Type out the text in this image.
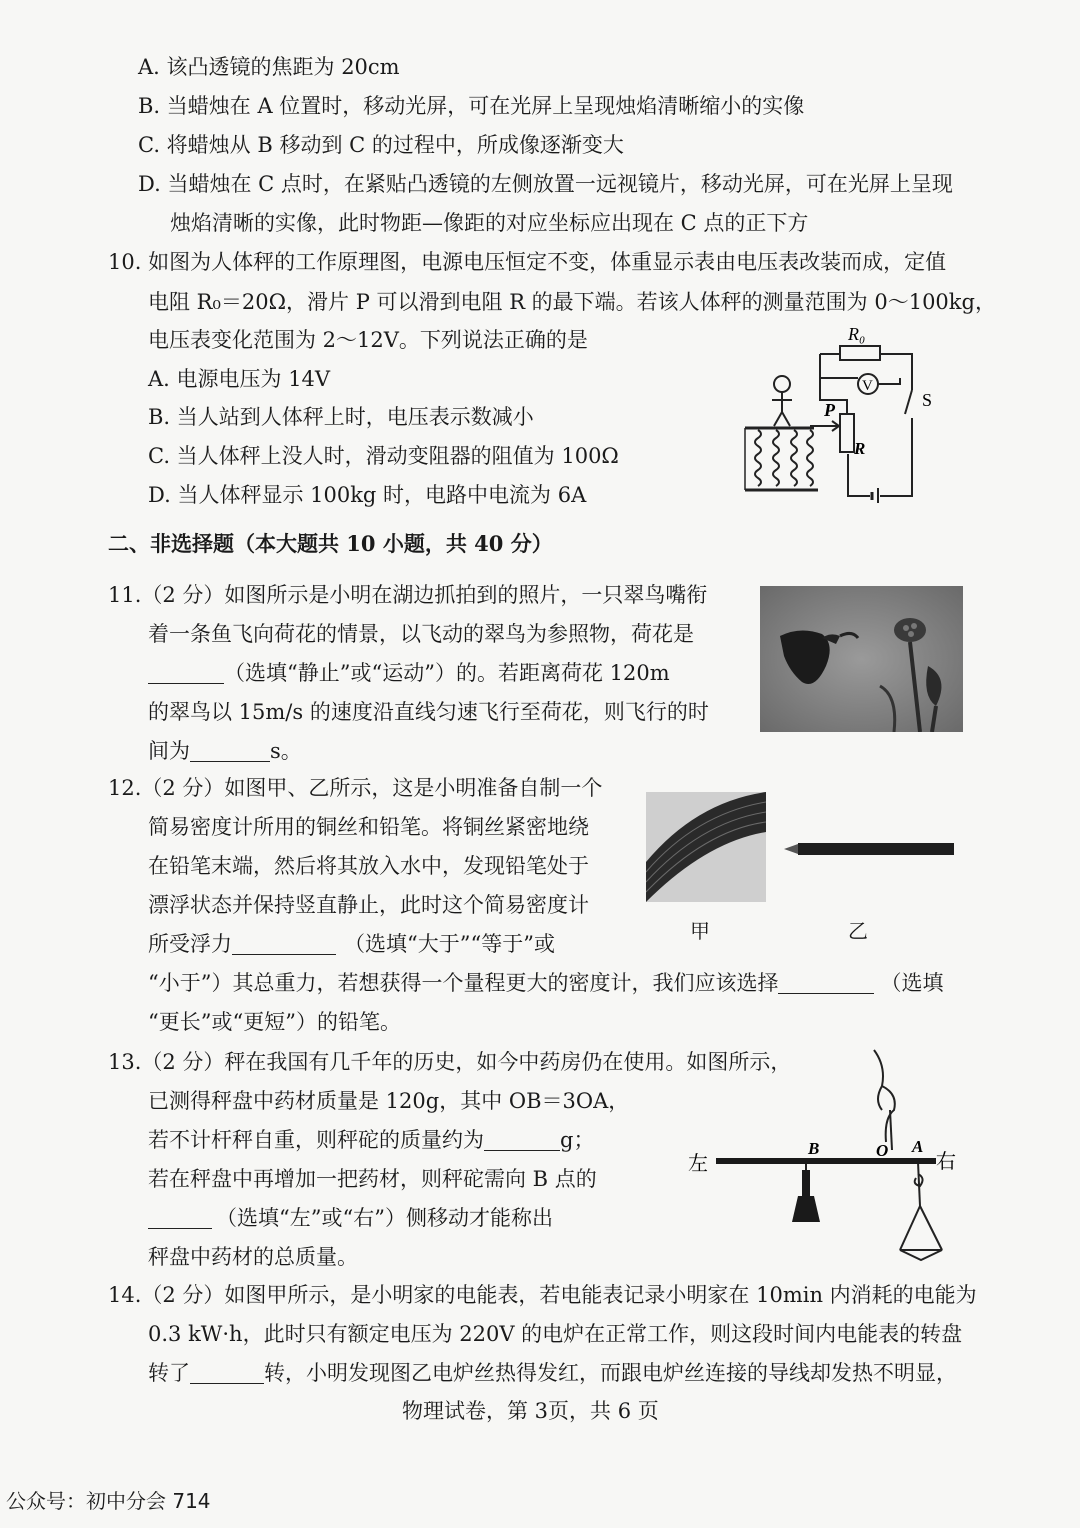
A. 该凸透镜的焦距为 20cm
B. 当蜡烛在 A 位置时，移动光屏，可在光屏上呈现烛焰清晰缩小的实像
C. 将蜡烛从 B 移动到 C 的过程中，所成像逐渐变大
D. 当蜡烛在 C 点时，在紧贴凸透镜的左侧放置一远视镜片，移动光屏，可在光屏上呈现
烛焰清晰的实像，此时物距—像距的对应坐标应出现在 C 点的正下方
10. 如图为人体秤的工作原理图，电源电压恒定不变，体重显示表由电压表改装而成，定值
电阻 R₀＝20Ω，滑片 P 可以滑到电阻 R 的最下端。若该人体秤的测量范围为 0～100kg，
电压表变化范围为 2～12V。下列说法正确的是
A. 电源电压为 14V
B. 当人站到人体秤上时，电压表示数减小
C. 当人体秤上没人时，滑动变阻器的阻值为 100Ω
D. 当人体秤显示 100kg 时，电路中电流为 6A
R₀
V
S
P
R
二、非选择题（本大题共 10 小题，共 40 分）
11.（2 分）如图所示是小明在湖边抓拍到的照片，一只翠鸟嘴衔
着一条鱼飞向荷花的情景，以飞动的翠鸟为参照物，荷花是
（选填“静止”或“运动”）的。若距离荷花 120m
的翠鸟以 15m/s 的速度沿直线匀速飞行至荷花，则飞行的时
间为	s。
12.（2 分）如图甲、乙所示，这是小明准备自制一个
简易密度计所用的铜丝和铅笔。将铜丝紧密地绕
在铅笔末端，然后将其放入水中，发现铅笔处于
漂浮状态并保持竖直静止，此时这个简易密度计
所受浮力	（选填“大于”“等于”或
“小于”）其总重力，若想获得一个量程更大的密度计，我们应该选择	（选填
“更长”或“更短”）的铅笔。
甲	乙
13.（2 分）秤在我国有几千年的历史，如今中药房仍在使用。如图所示，
已测得秤盘中药材质量是 120g，其中 OB＝3OA，
若不计杆秤自重，则秤砣的质量约为	g；
若在秤盘中再增加一把药材，则秤砣需向 B 点的
（选填“左”或“右”）侧移动才能称出
秤盘中药材的总质量。
左	右
B	O A
14.（2 分）如图甲所示，是小明家的电能表，若电能表记录小明家在 10min 内消耗的电能为
0.3 kW·h，此时只有额定电压为 220V 的电炉在正常工作，则这段时间内电能表的转盘
转了	转，小明发现图乙电炉丝热得发红，而跟电炉丝连接的导线却发热不明显，
物理试卷，第 3页，共 6 页
公众号：初中分会 714
